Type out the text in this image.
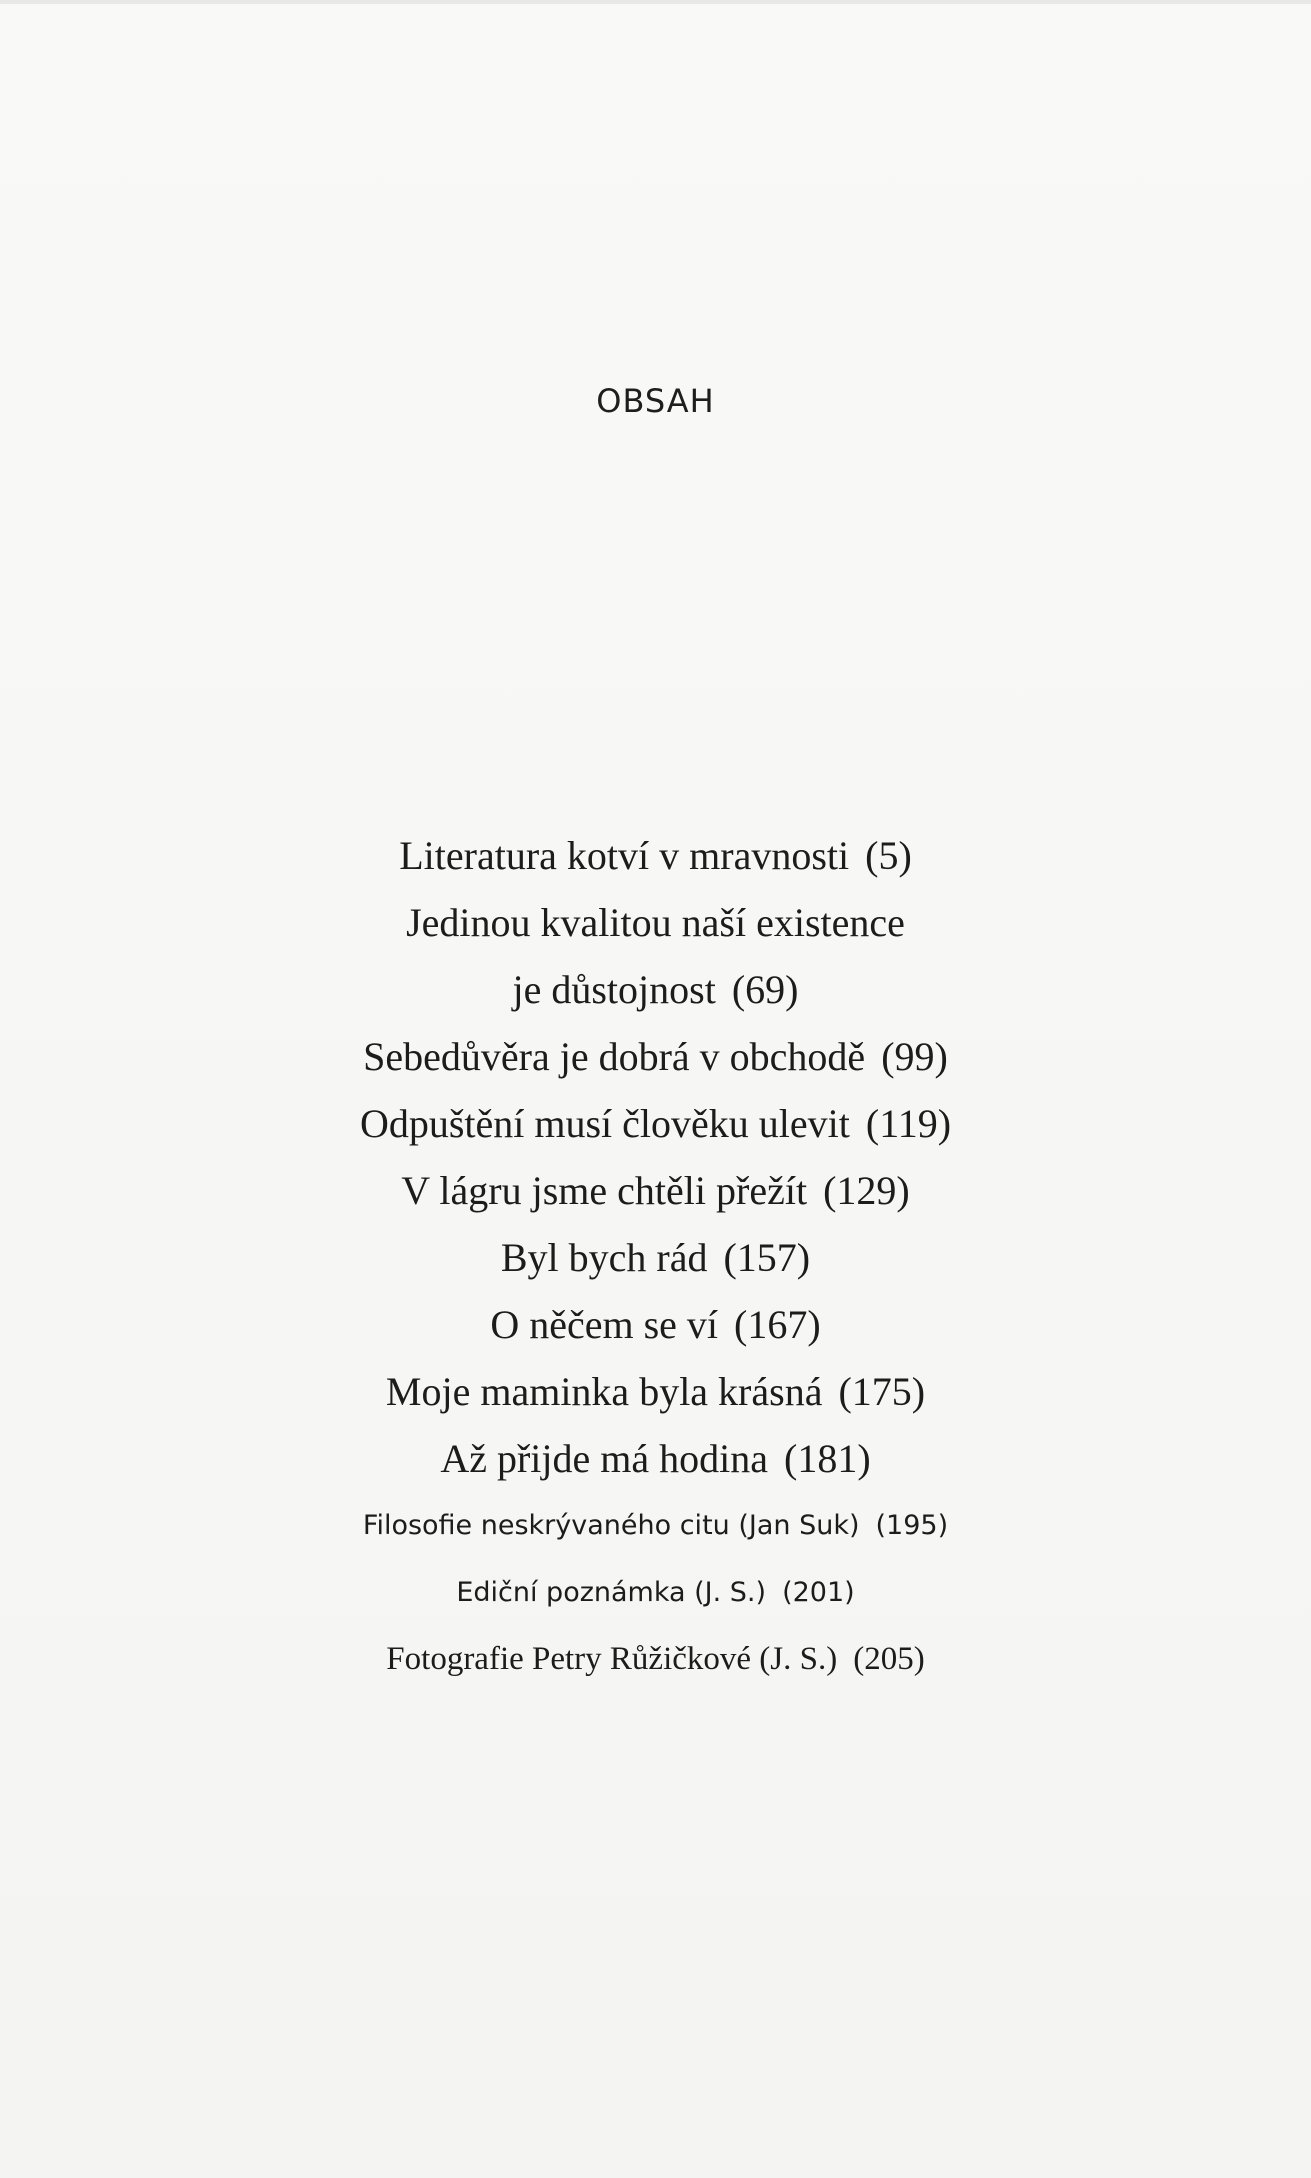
OBSAH
Literatura kotví v mravnosti (5)
Jedinou kvalitou naší existence
je důstojnost (69)
Sebedůvěra je dobrá v obchodě (99)
Odpuštění musí člověku ulevit (119)
V lágru jsme chtěli přežít (129)
Byl bych rád (157)
O něčem se ví (167)
Moje maminka byla krásná (175)
Až přijde má hodina (181)
Filosofie neskrývaného citu (Jan Suk) (195)
Ediční poznámka (J. S.) (201)
Fotografie Petry Růžičkové (J. S.) (205)
